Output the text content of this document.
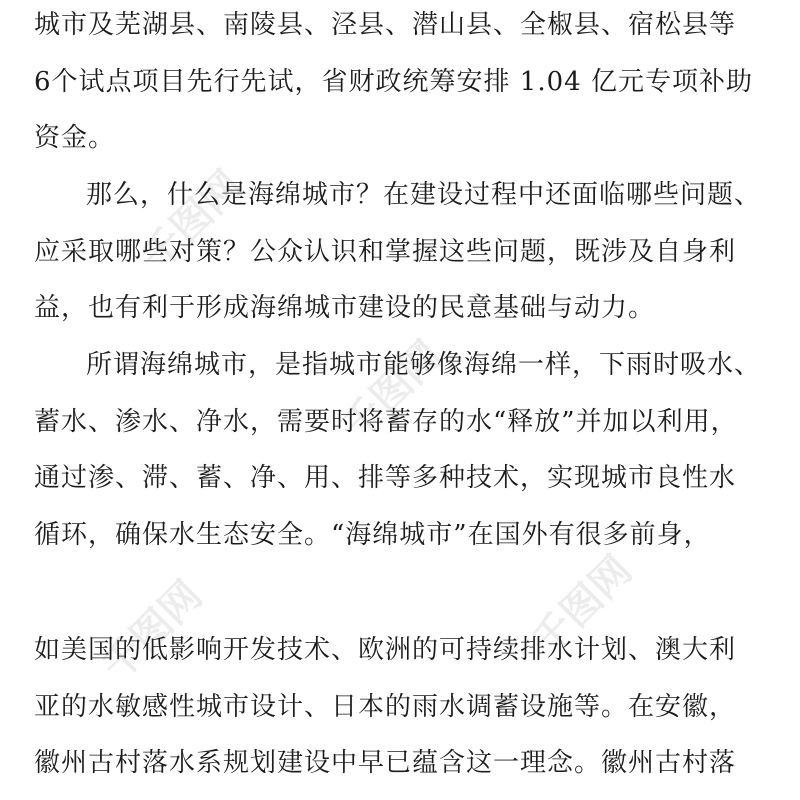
千图网
千图网
千图网	千图网
城市及芜湖县、南陵县、泾县、潜山县、全椒县、宿松县等
6个试点项目先行先试，省财政统筹安排 1.04 亿元专项补助
资金。
那么，什么是海绵城市？在建设过程中还面临哪些问题、
应采取哪些对策？公众认识和掌握这些问题，既涉及自身利
益，也有利于形成海绵城市建设的民意基础与动力。
所谓海绵城市，是指城市能够像海绵一样，下雨时吸水、
蓄水、渗水、净水，需要时将蓄存的水“释放”并加以利用，
通过渗、滞、蓄、净、用、排等多种技术，实现城市良性水
循环，确保水生态安全。“海绵城市”在国外有很多前身，
如美国的低影响开发技术、欧洲的可持续排水计划、澳大利
亚的水敏感性城市设计、日本的雨水调蓄设施等。在安徽，
徽州古村落水系规划建设中早已蕴含这一理念。徽州古村落
